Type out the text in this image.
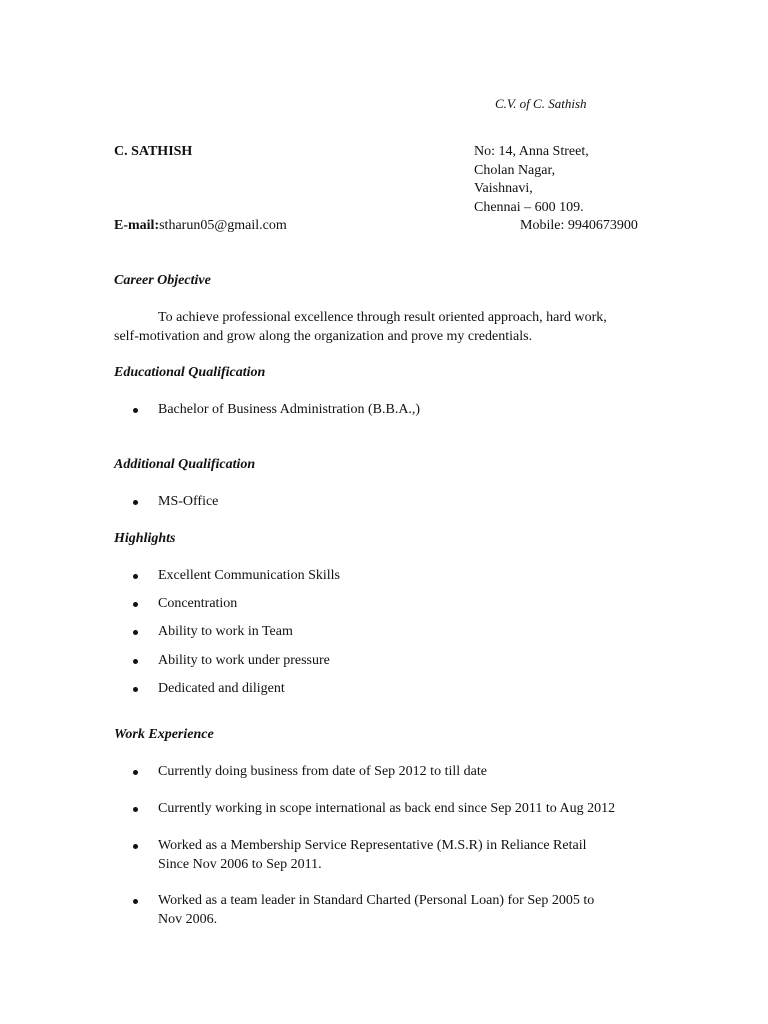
C.V. of C. Sathish
C. SATHISH	No: 14, Anna Street,
Cholan Nagar,
Vaishnavi,
Chennai – 600 109.
E-mail:stharun05@gmail.com	Mobile: 9940673900
Career Objective
To achieve professional excellence through result oriented approach, hard work,
self-motivation and grow along the organization and prove my credentials.
Educational Qualification
Bachelor of Business Administration (B.B.A.,)
Additional Qualification
MS-Office
Highlights
Excellent Communication Skills
Concentration
Ability to work in Team
Ability to work under pressure
Dedicated and diligent
Work Experience
Currently doing business from date of Sep 2012 to till date
Currently working in scope international as back end since Sep 2011 to Aug 2012
Worked as a Membership Service Representative (M.S.R) in Reliance Retail
Since Nov 2006 to Sep 2011.
Worked as a team leader in Standard Charted (Personal Loan) for Sep 2005 to
Nov 2006.
